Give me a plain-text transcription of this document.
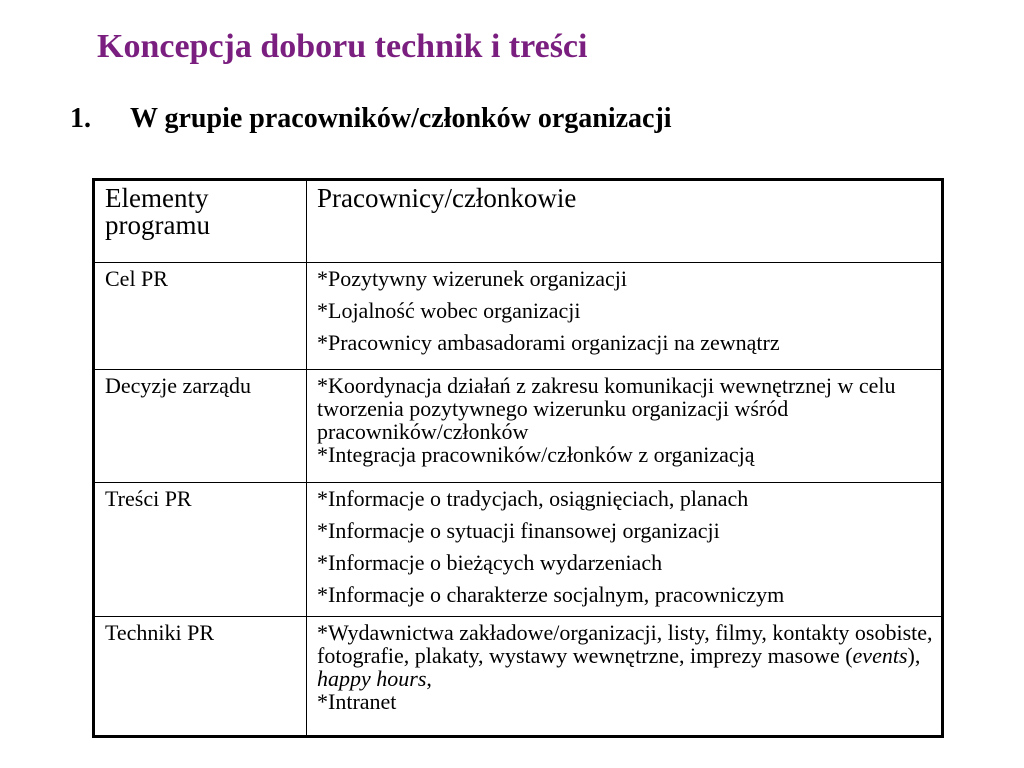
Koncepcja doboru technik i treści
1.	W grupie pracowników/członków organizacji
Elementy programu	Pracownicy/członkowie
Cel PR	*Pozytywny wizerunek organizacji

*Lojalność wobec organizacji

*Pracownicy ambasadorami organizacji na zewnątrz

Decyzje zarządu	*Koordynacja działań z zakresu komunikacji wewnętrznej w celu tworzenia pozytywnego wizerunku organizacji wśród pracowników/członków

*Integracja pracowników/członków z organizacją

Treści PR	*Informacje o tradycjach, osiągnięciach, planach

*Informacje o sytuacji finansowej organizacji

*Informacje o bieżących wydarzeniach

*Informacje o charakterze socjalnym, pracowniczym

Techniki PR	*Wydawnictwa zakładowe/organizacji, listy, filmy, kontakty osobiste, fotografie, plakaty, wystawy wewnętrzne, imprezy masowe (events), happy hours,

*Intranet
